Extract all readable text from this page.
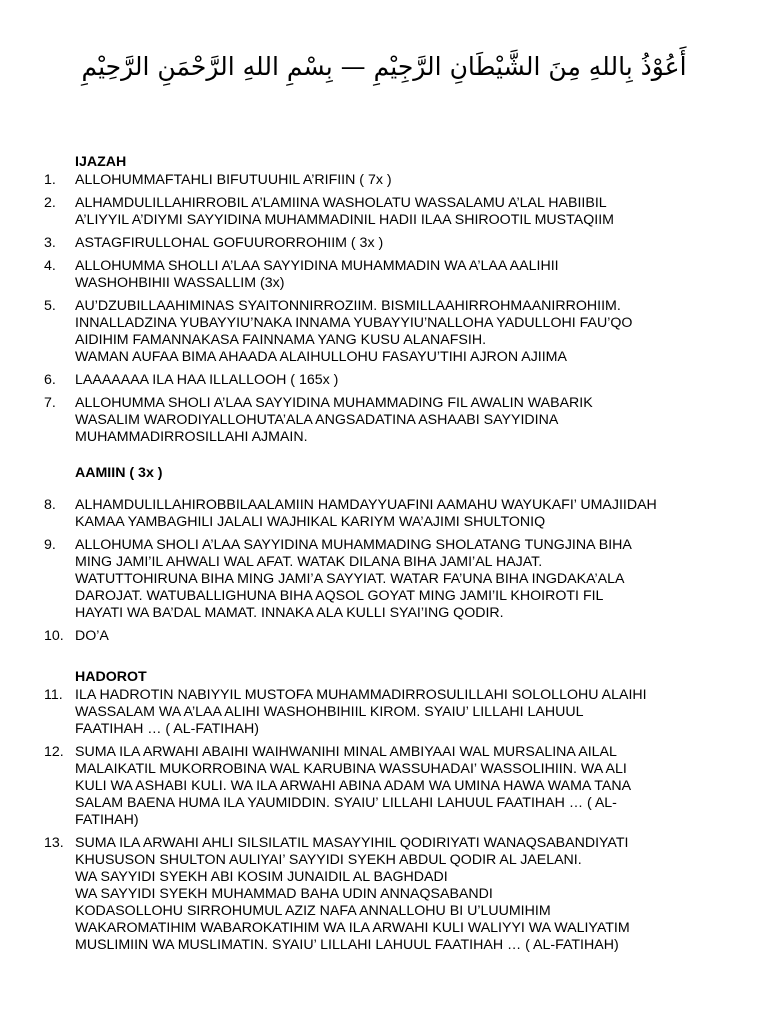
أَعُوْذُ بِاللهِ مِنَ الشَّيْطَانِ الرَّجِيْمِ — بِسْمِ اللهِ الرَّحْمَنِ الرَّحِيْمِ
IJAZAH
1.	ALLOHUMMAFTAHLI BIFUTUUHIL A’RIFIIN ( 7x )
2.	ALHAMDULILLAHIRROBIL A’LAMIINA WASHOLATU WASSALAMU A’LAL HABIIBIL
A’LIYYIL A’DIYMI SAYYIDINA MUHAMMADINIL HADII ILAA SHIROOTIL MUSTAQIIM
3.	ASTAGFIRULLOHAL GOFUURORROHIIM ( 3x )
4.	ALLOHUMMA SHOLLI A’LAA SAYYIDINA MUHAMMADIN WA A’LAA AALIHII
WASHOHBIHII WASSALLIM (3x)
5.	AU’DZUBILLAAHIMINAS SYAITONNIRROZIIM. BISMILLAAHIRROHMAANIRROHIIM.
INNALLADZINA YUBAYYIU’NAKA INNAMA YUBAYYIU’NALLOHA YADULLOHI FAU’QO
AIDIHIM FAMANNAKASA FAINNAMA YANG KUSU ALANAFSIH.
WAMAN AUFAA BIMA AHAADA ALAIHULLOHU FASAYU’TIHI AJRON AJIIMA
6.	LAAAAAAA ILA HAA ILLALLOOH ( 165x )
7.	ALLOHUMMA SHOLI A’LAA SAYYIDINA MUHAMMADING FIL AWALIN WABARIK
WASALIM WARODIYALLOHUTA’ALA ANGSADATINA ASHAABI SAYYIDINA
MUHAMMADIRROSILLAHI AJMAIN.
AAMIIN ( 3x )
8.	ALHAMDULILLAHIROBBILAALAMIIN HAMDAYYUAFINI AAMAHU WAYUKAFI’ UMAJIIDAH
KAMAA YAMBAGHILI JALALI WAJHIKAL KARIYM WA’AJIMI SHULTONIQ
9.	ALLOHUMA SHOLI A’LAA SAYYIDINA MUHAMMADING SHOLATANG TUNGJINA BIHA
MING JAMI’IL AHWALI WAL AFAT. WATAK DILANA BIHA JAMI’AL HAJAT.
WATUTTOHIRUNA BIHA MING JAMI’A SAYYIAT. WATAR FA’UNA BIHA INGDAKA’ALA
DAROJAT. WATUBALLIGHUNA BIHA AQSOL GOYAT MING JAMI’IL KHOIROTI FIL
HAYATI WA BA’DAL MAMAT. INNAKA ALA KULLI SYAI’ING QODIR.
10. DO’A
HADOROT
11. ILA HADROTIN NABIYYIL MUSTOFA MUHAMMADIRROSULILLAHI SOLOLLOHU ALAIHI
WASSALAM WA A’LAA ALIHI WASHOHBIHIIL KIROM. SYAIU’ LILLAHI LAHUUL
FAATIHAH … ( AL-FATIHAH)
12. SUMA ILA ARWAHI ABAIHI WAIHWANIHI MINAL AMBIYAAI WAL MURSALINA AILAL
MALAIKATIL MUKORROBINA WAL KARUBINA WASSUHADAI’ WASSOLIHIIN. WA ALI
KULI WA ASHABI KULI. WA ILA ARWAHI ABINA ADAM WA UMINA HAWA WAMA TANA
SALAM BAENA HUMA ILA YAUMIDDIN. SYAIU’ LILLAHI LAHUUL FAATIHAH … ( AL-
FATIHAH)
13. SUMA ILA ARWAHI AHLI SILSILATIL MASAYYIHIL QODIRIYATI WANAQSABANDIYATI
KHUSUSON SHULTON AULIYAI’ SAYYIDI SYEKH ABDUL QODIR AL JAELANI.
WA SAYYIDI SYEKH ABI KOSIM JUNAIDIL AL BAGHDADI
WA SAYYIDI SYEKH MUHAMMAD BAHA UDIN ANNAQSABANDI
KODASOLLOHU SIRROHUMUL AZIZ NAFA ANNALLOHU BI U’LUUMIHIM
WAKAROMATIHIM WABAROKATIHIM WA ILA ARWAHI KULI WALIYYI WA WALIYATIM
MUSLIMIIN WA MUSLIMATIN. SYAIU’ LILLAHI LAHUUL FAATIHAH … ( AL-FATIHAH)
